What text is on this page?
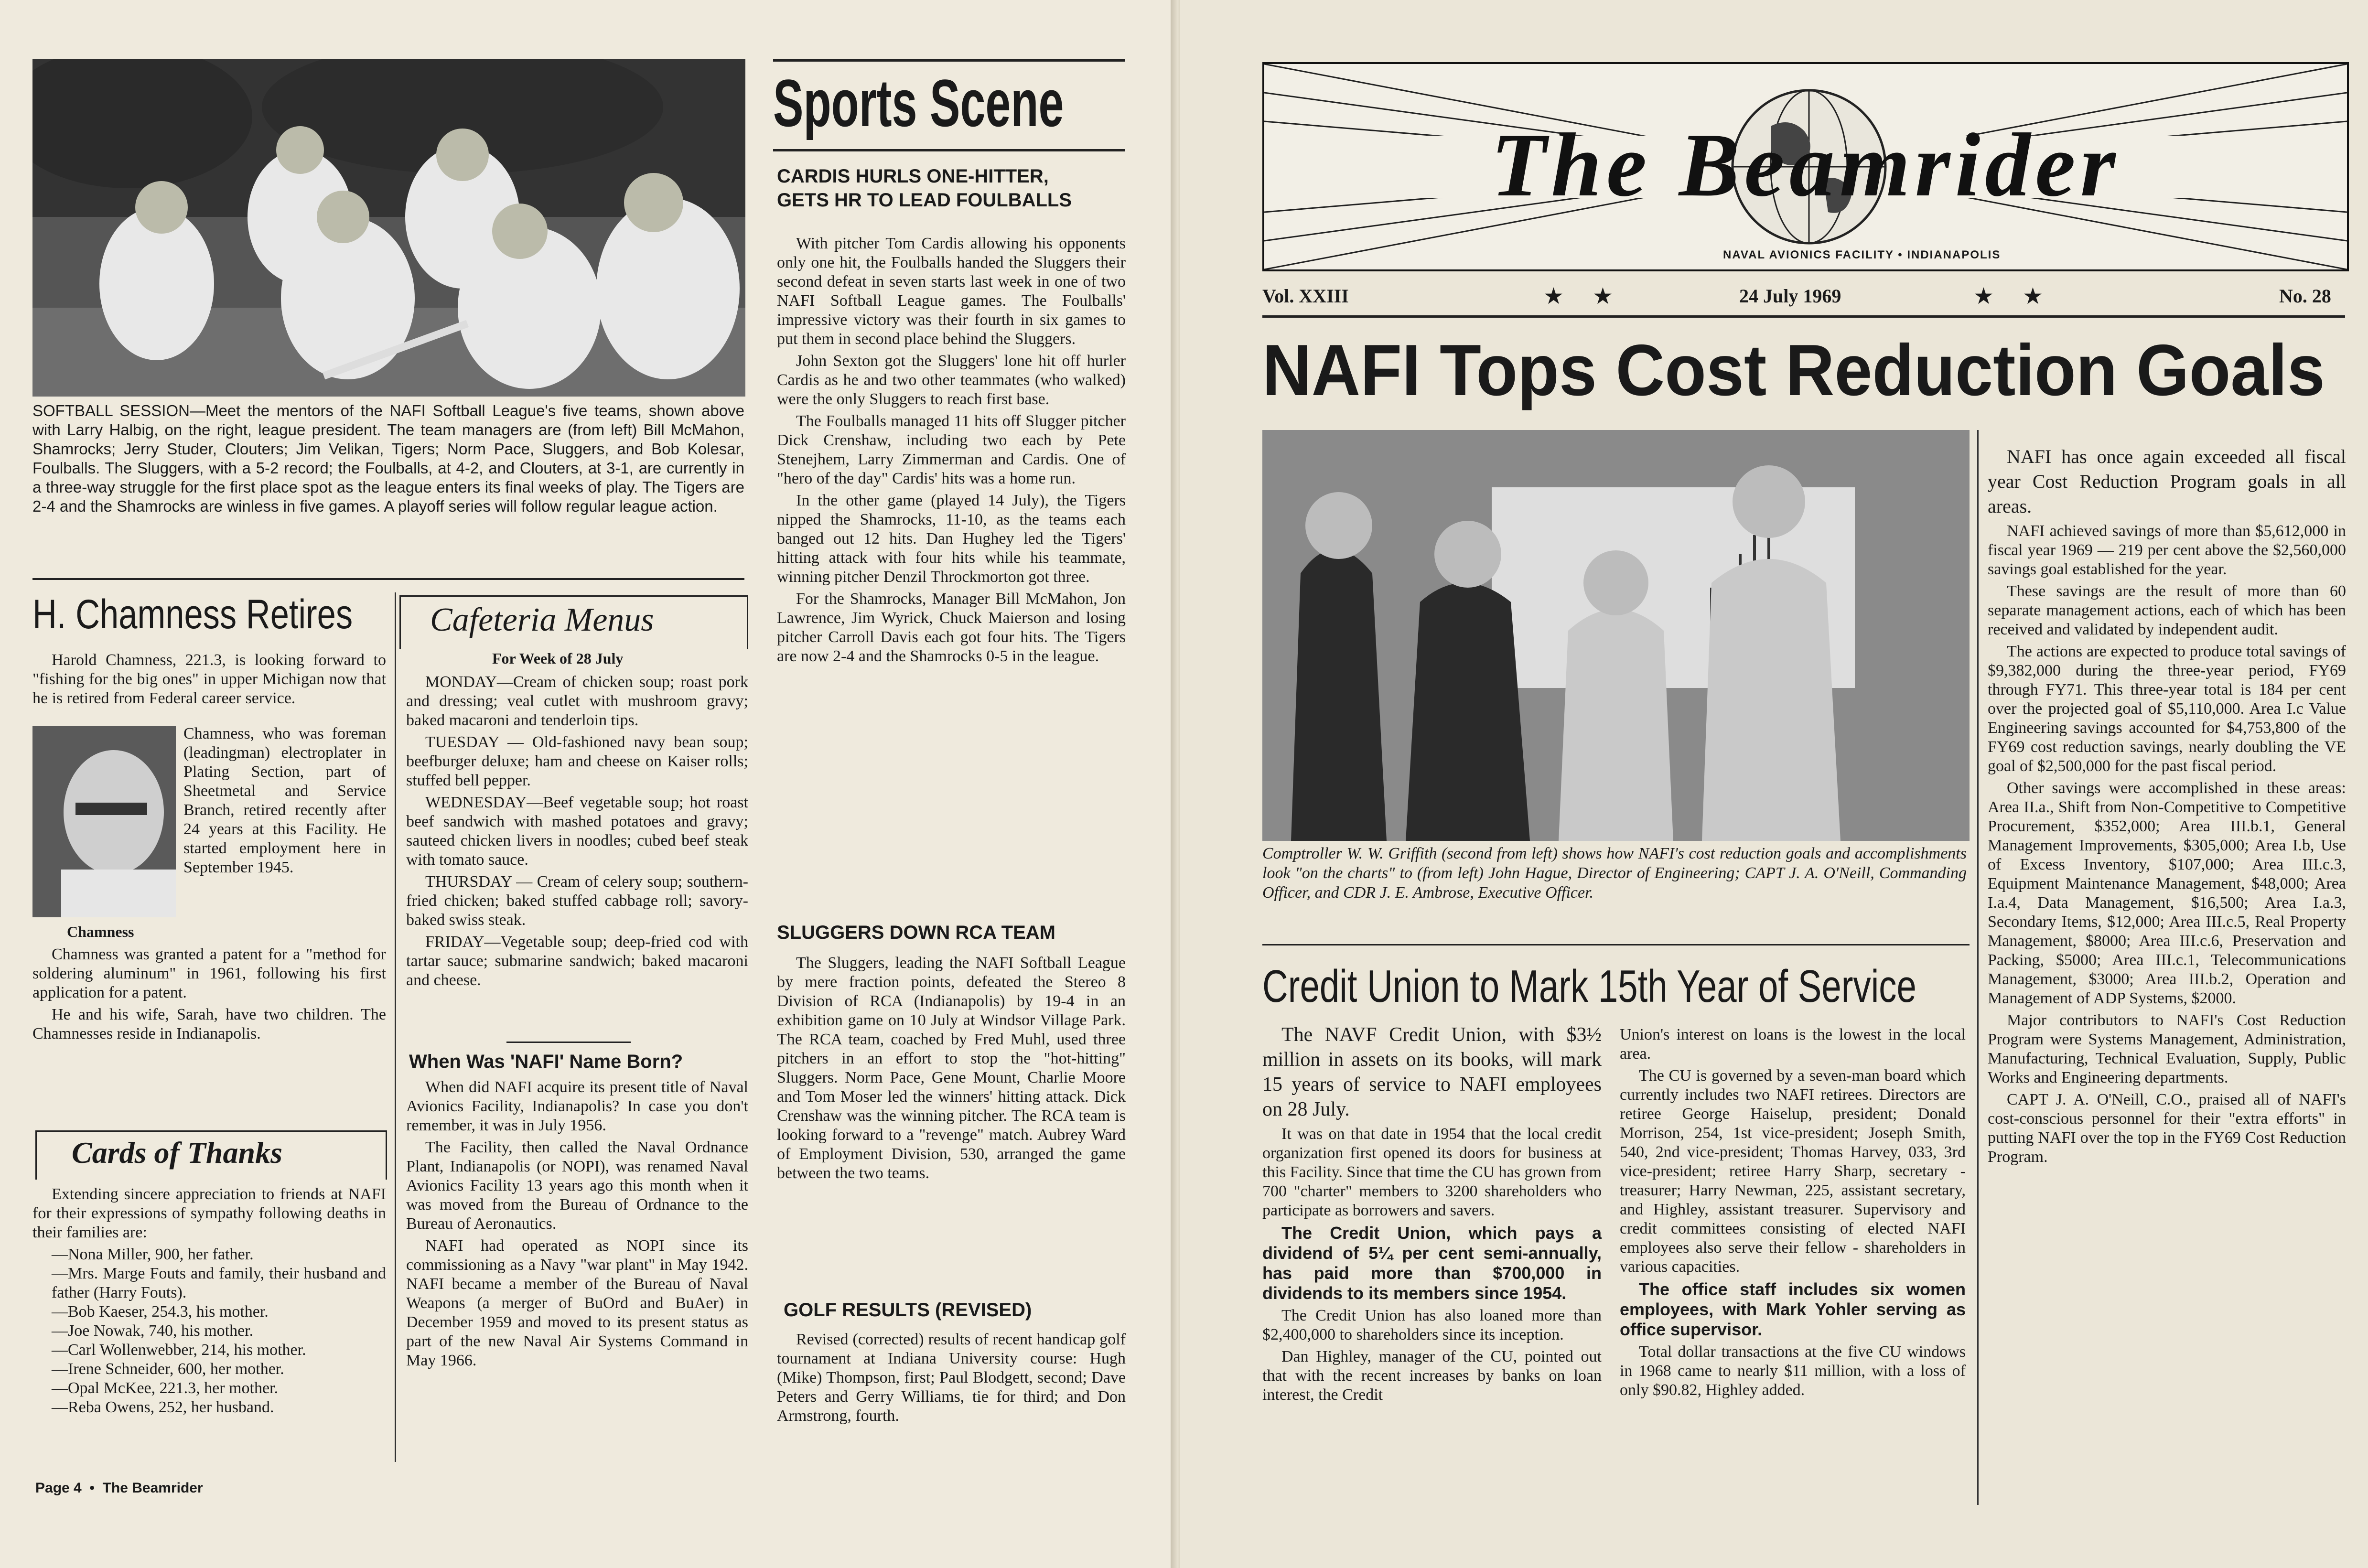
SOFTBALL SESSION—Meet the mentors of the NAFI Softball League's five teams, shown above with Larry Halbig, on the right, league president. The team managers are (from left) Bill McMahon, Shamrocks; Jerry Studer, Clouters; Jim Velikan, Tigers; Norm Pace, Sluggers, and Bob Kolesar, Foulballs. The Sluggers, with a 5-2 record; the Foulballs, at 4-2, and Clouters, at 3-1, are currently in a three-way struggle for the first place spot as the league enters its final weeks of play. The Tigers are 2-4 and the Shamrocks are winless in five games. A playoff series will follow regular league action.
H. Chamness Retires

Harold Chamness, 221.3, is looking forward to "fishing for the big ones" in upper Michigan now that he is retired from Federal career service.

Chamness
Chamness, who was foreman (leadingman) electroplater in Plating Section, part of Sheetmetal and Service Branch, retired recently after 24 years at this Facility. He started employment here in September 1945.

Chamness was granted a patent for a "method for soldering aluminum" in 1961, following his first application for a patent.

He and his wife, Sarah, have two children. The Chamnesses reside in Indianapolis.

Cards of Thanks

Extending sincere appreciation to friends at NAFI for their expressions of sympathy following deaths in their families are:

—Nona Miller, 900, her father.
—Mrs. Marge Fouts and family, their husband and father (Harry Fouts).
—Bob Kaeser, 254.3, his mother.
—Joe Nowak, 740, his mother.
—Carl Wollenwebber, 214, his mother.
—Irene Schneider, 600, her mother.
—Opal McKee, 221.3, her mother.
—Reba Owens, 252, her husband.
Page 4  •  The Beamrider
Cafeteria Menus
For Week of 28 July

MONDAY—Cream of chicken soup; roast pork and dressing; veal cutlet with mushroom gravy; baked macaroni and tenderloin tips.

TUESDAY — Old-fashioned navy bean soup; beefburger deluxe; ham and cheese on Kaiser rolls; stuffed bell pepper.

WEDNESDAY—Beef vegetable soup; hot roast beef sandwich with mashed potatoes and gravy; sauteed chicken livers in noodles; cubed beef steak with tomato sauce.

THURSDAY — Cream of celery soup; southern-fried chicken; baked stuffed cabbage roll; savory-baked swiss steak.

FRIDAY—Vegetable soup; deep-fried cod with tartar sauce; submarine sandwich; baked macaroni and cheese.

When Was 'NAFI' Name Born?

When did NAFI acquire its present title of Naval Avionics Facility, Indianapolis? In case you don't remember, it was in July 1956.

The Facility, then called the Naval Ordnance Plant, Indianapolis (or NOPI), was renamed Naval Avionics Facility 13 years ago this month when it was moved from the Bureau of Ordnance to the Bureau of Aeronautics.

NAFI had operated as NOPI since its commissioning as a Navy "war plant" in May 1942. NAFI became a member of the Bureau of Naval Weapons (a merger of BuOrd and BuAer) in December 1959 and moved to its present status as part of the new Naval Air Systems Command in May 1966.

Sports Scene
CARDIS HURLS ONE-HITTER,
GETS HR TO LEAD FOULBALLS

With pitcher Tom Cardis allowing his opponents only one hit, the Foulballs handed the Sluggers their second defeat in seven starts last week in one of two NAFI Softball League games. The Foulballs' impressive victory was their fourth in six games to put them in second place behind the Sluggers.

John Sexton got the Sluggers' lone hit off hurler Cardis as he and two other teammates (who walked) were the only Sluggers to reach first base.

The Foulballs managed 11 hits off Slugger pitcher Dick Crenshaw, including two each by Pete Stenejhem, Larry Zimmerman and Cardis. One of "hero of the day" Cardis' hits was a home run.

In the other game (played 14 July), the Tigers nipped the Shamrocks, 11-10, as the teams each banged out 12 hits. Dan Hughey led the Tigers' hitting attack with four hits while his teammate, winning pitcher Denzil Throckmorton got three.

For the Shamrocks, Manager Bill McMahon, Jon Lawrence, Jim Wyrick, Chuck Maierson and losing pitcher Carroll Davis each got four hits. The Tigers are now 2-4 and the Shamrocks 0-5 in the league.

SLUGGERS DOWN RCA TEAM

The Sluggers, leading the NAFI Softball League by mere fraction points, defeated the Stereo 8 Division of RCA (Indianapolis) by 19-4 in an exhibition game on 10 July at Windsor Village Park. The RCA team, coached by Fred Muhl, used three pitchers in an effort to stop the "hot-hitting" Sluggers. Norm Pace, Gene Mount, Charlie Moore and Tom Moser led the winners' hitting attack. Dick Crenshaw was the winning pitcher. The RCA team is looking forward to a "revenge" match. Aubrey Ward of Employment Division, 530, arranged the game between the two teams.

GOLF RESULTS (REVISED)

Revised (corrected) results of recent handicap golf tournament at Indiana University course: Hugh (Mike) Thompson, first; Paul Blodgett, second; Dave Peters and Gerry Williams, tie for third; and Don Armstrong, fourth.

The Beamrider
NAVAL AVIONICS FACILITY • INDIANAPOLIS
Vol. XXIII	★ ★	24 July 1969	★ ★	No. 28
NAFI Tops Cost Reduction Goals
Comptroller W. W. Griffith (second from left) shows how NAFI's cost reduction goals and accomplishments look "on the charts" to (from left) John Hague, Director of Engineering; CAPT J. A. O'Neill, Commanding Officer, and CDR J. E. Ambrose, Executive Officer.

NAFI has once again exceeded all fiscal year Cost Reduction Program goals in all areas.

NAFI achieved savings of more than $5,612,000 in fiscal year 1969 — 219 per cent above the $2,560,000 savings goal established for the year.

These savings are the result of more than 60 separate management actions, each of which has been received and validated by independent audit.

The actions are expected to produce total savings of $9,382,000 during the three-year period, FY69 through FY71. This three-year total is 184 per cent over the projected goal of $5,110,000. Area I.c Value Engineering savings accounted for $4,753,800 of the FY69 cost reduction savings, nearly doubling the VE goal of $2,500,000 for the past fiscal period.

Other savings were accomplished in these areas: Area II.a., Shift from Non-Competitive to Competitive Procurement, $352,000; Area III.b.1, General Management Improvements, $305,000; Area I.b, Use of Excess Inventory, $107,000; Area III.c.3, Equipment Maintenance Management, $48,000; Area I.a.4, Data Management, $16,500; Area I.a.3, Secondary Items, $12,000; Area III.c.5, Real Property Management, $8000; Area III.c.6, Preservation and Packing, $5000; Area III.c.1, Telecommunications Management, $3000; Area III.b.2, Operation and Management of ADP Systems, $2000.

Major contributors to NAFI's Cost Reduction Program were Systems Management, Administration, Manufacturing, Technical Evaluation, Supply, Public Works and Engineering departments.

CAPT J. A. O'Neill, C.O., praised all of NAFI's cost-conscious personnel for their "extra efforts" in putting NAFI over the top in the FY69 Cost Reduction Program.

Credit Union to Mark 15th Year of Service

The NAVF Credit Union, with $3½ million in assets on its books, will mark 15 years of service to NAFI employees on 28 July.

It was on that date in 1954 that the local credit organization first opened its doors for business at this Facility. Since that time the CU has grown from 700 "charter" members to 3200 shareholders who participate as borrowers and savers.

The Credit Union, which pays a dividend of 5¼ per cent semi-annually, has paid more than $700,000 in dividends to its members since 1954.

The Credit Union has also loaned more than $2,400,000 to shareholders since its inception.

Dan Highley, manager of the CU, pointed out that with the recent increases by banks on loan interest, the Credit

Union's interest on loans is the lowest in the local area.

The CU is governed by a seven-man board which currently includes two NAFI retirees. Directors are retiree George Haiselup, president; Donald Morrison, 254, 1st vice-president; Joseph Smith, 540, 2nd vice-president; Thomas Harvey, 033, 3rd vice-president; retiree Harry Sharp, secretary - treasurer; Harry Newman, 225, assistant secretary, and Highley, assistant treasurer. Supervisory and credit committees consisting of elected NAFI employees also serve their fellow - shareholders in various capacities.

The office staff includes six women employees, with Mark Yohler serving as office supervisor.

Total dollar transactions at the five CU windows in 1968 came to nearly $11 million, with a loss of only $90.82, Highley added.
